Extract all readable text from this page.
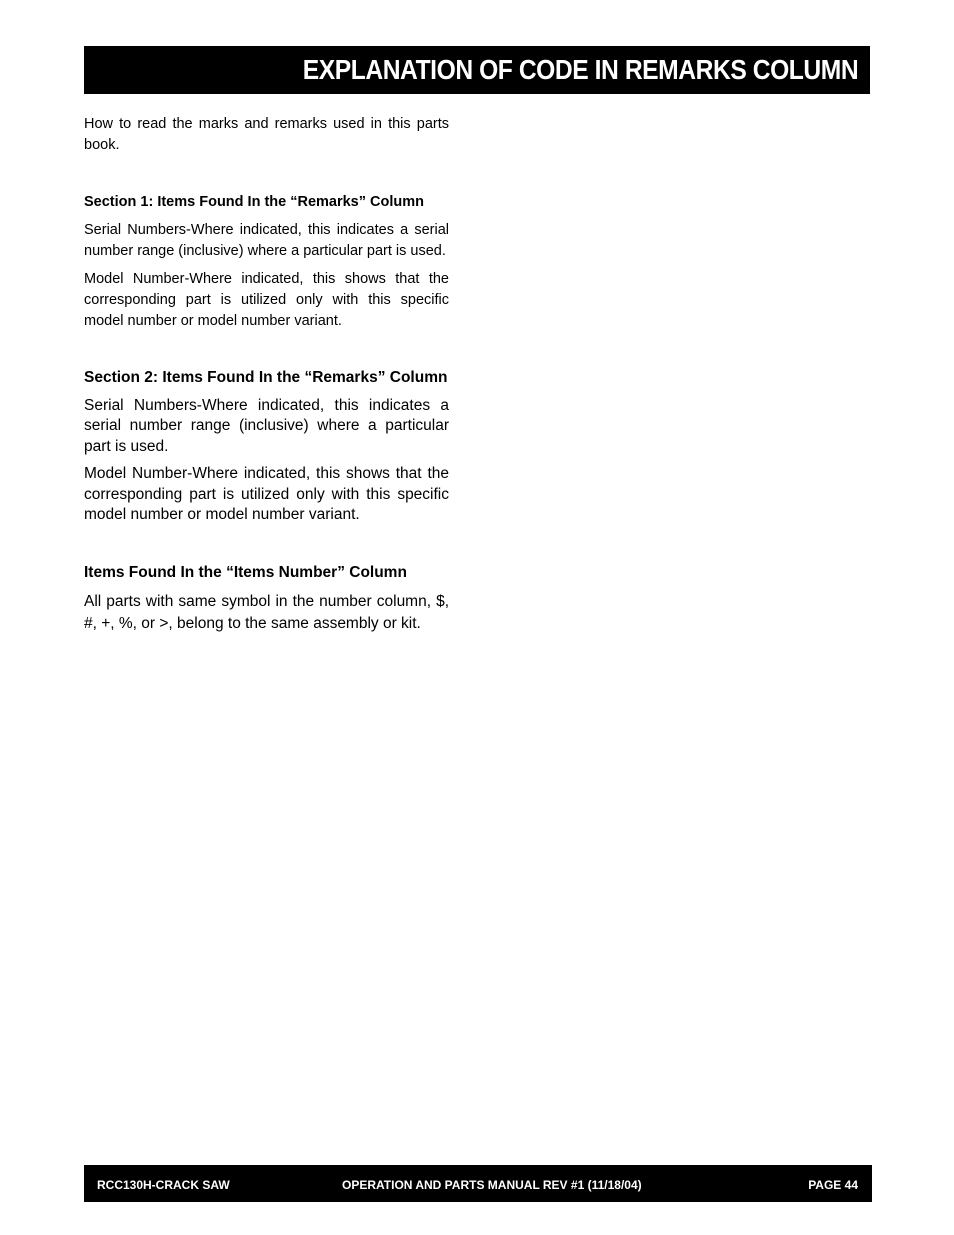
EXPLANATION OF CODE IN REMARKS COLUMN

How to read the marks and remarks used in this parts book.

Section 1: Items Found In the “Remarks” Column

Serial Numbers-Where indicated, this indicates a serial number range (inclusive) where a particular part is used.

Model Number-Where indicated, this shows that the corresponding part is utilized only with this specific model number or model number variant.

Section 2: Items Found In the “Remarks” Column

Serial Numbers-Where indicated, this indicates a serial number range (inclusive) where a particular part is used.

Model Number-Where indicated, this shows that the corresponding part is utilized only with this specific model number or model number variant.

Items Found In the “Items Number” Column

All parts with same symbol in the number column, $, #, +, %, or >, belong to the same assembly or kit.

RCC130H-CRACK SAW	OPERATION AND PARTS MANUAL REV #1 (11/18/04)	PAGE 44
